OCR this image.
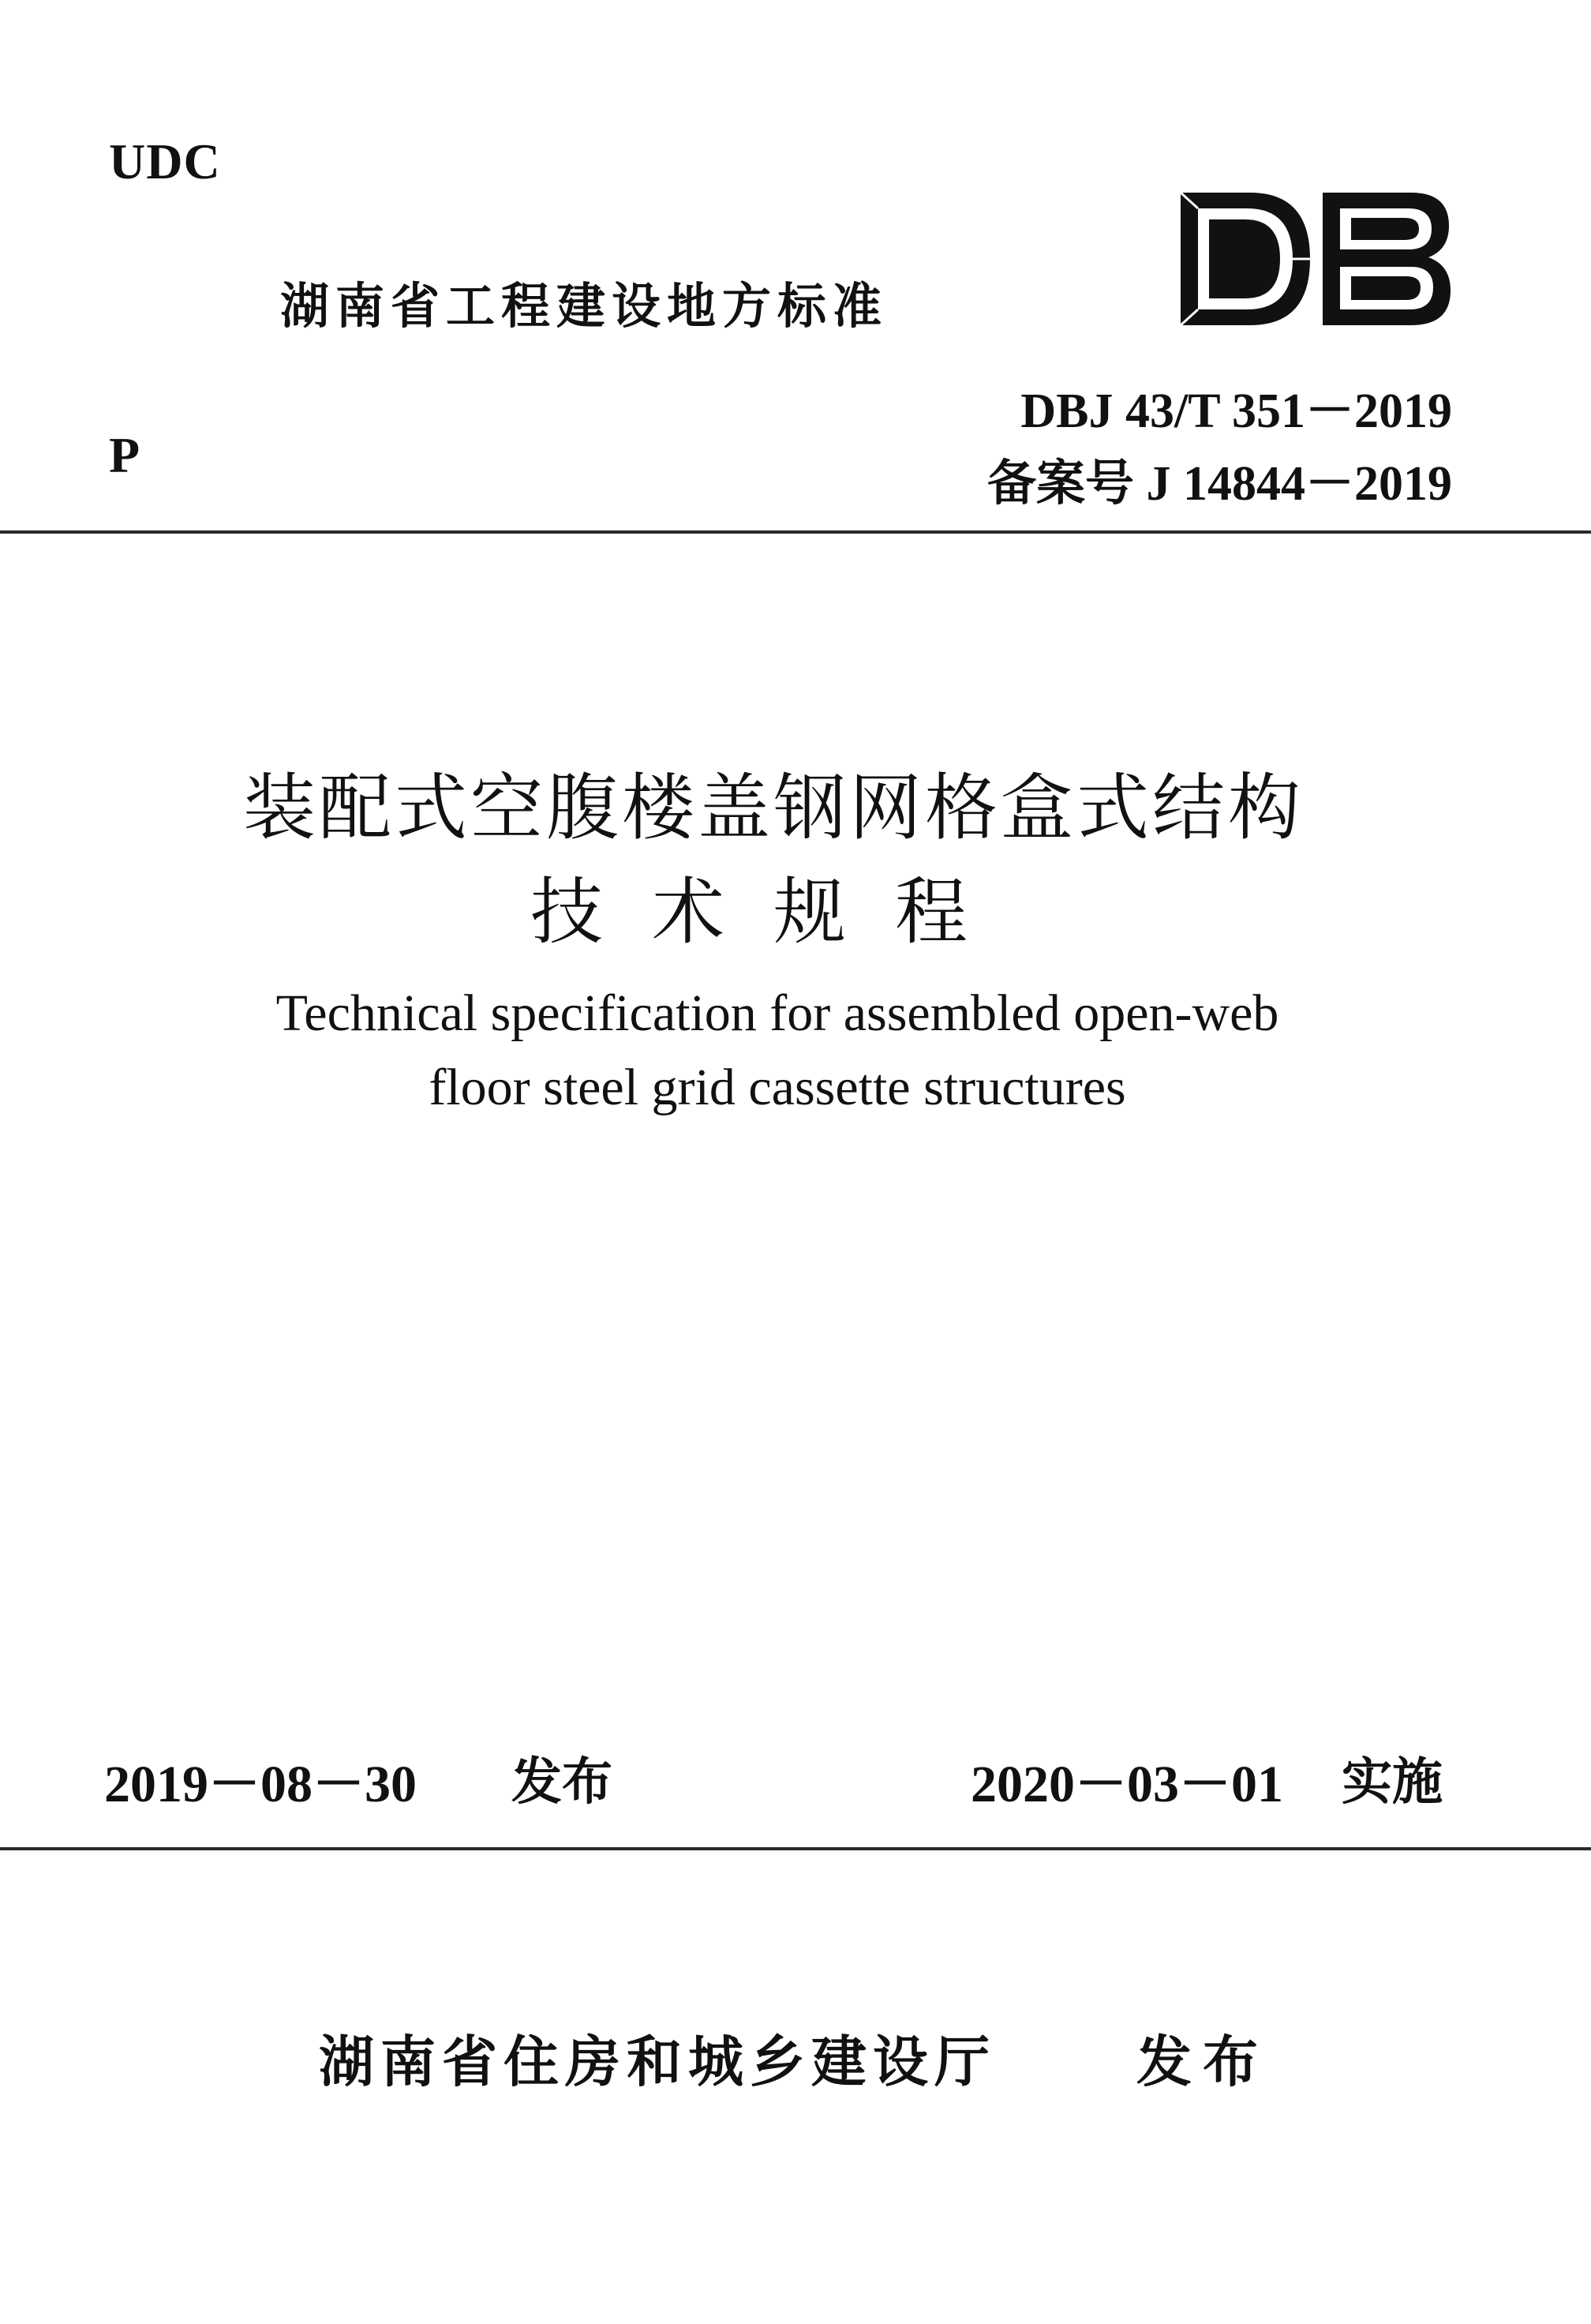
UDC
湖南省工程建设地方标准
DBJ 43/T 351－2019
P
备案号 J 14844－2019
装配式空腹楼盖钢网格盒式结构
技术规程
Technical specification for assembled open-web
floor steel grid cassette structures
2019－08－30 发布	2020－03－01 实施
湖南省住房和城乡建设厅	发布
